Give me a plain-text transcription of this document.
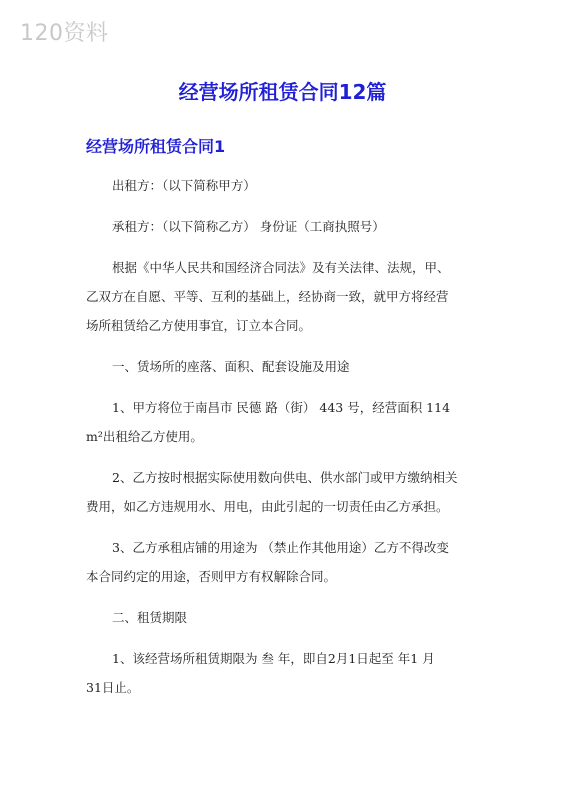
120资料
经营场所租赁合同12篇
经营场所租赁合同1
出租方：（以下简称甲方）
承租方：（以下简称乙方） 身份证（工商执照号）
根据《中华人民共和国经济合同法》及有关法律、法规，甲、
乙双方在自愿、平等、互利的基础上，经协商一致，就甲方将经营
场所租赁给乙方使用事宜，订立本合同。
一、赁场所的座落、面积、配套设施及用途
1、甲方将位于南昌市 民德 路（街） 443 号，经营面积 114
m²出租给乙方使用。
2、乙方按时根据实际使用数向供电、供水部门或甲方缴纳相关
费用，如乙方违规用水、用电，由此引起的一切责任由乙方承担。
3、乙方承租店铺的用途为 （禁止作其他用途）乙方不得改变
本合同约定的用途，否则甲方有权解除合同。
二、租赁期限
1、该经营场所租赁期限为 叁 年，即自2月1日起至 年1 月
31日止。
